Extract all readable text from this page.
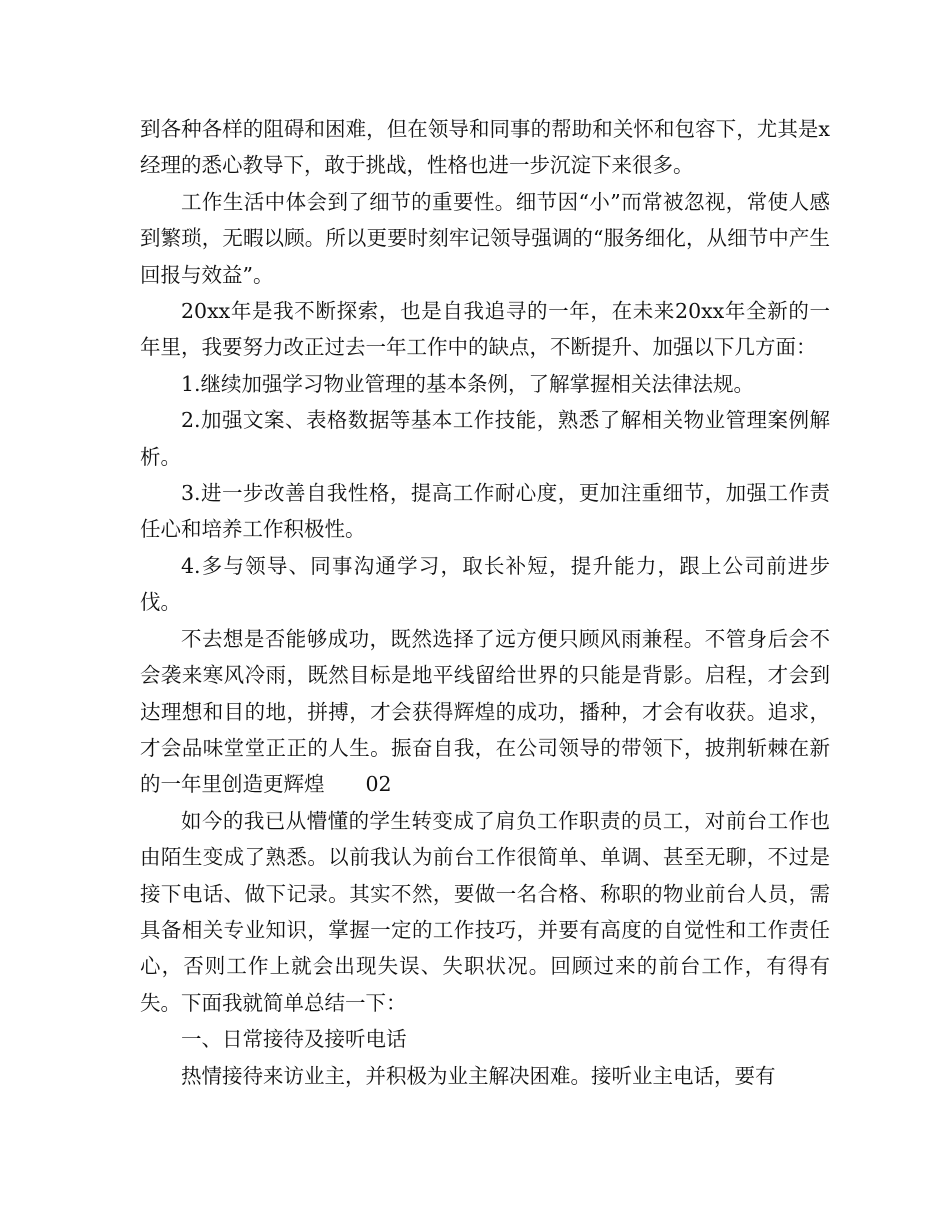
到各种各样的阻碍和困难，但在领导和同事的帮助和关怀和包容下，尤其是x经理的悉心教导下，敢于挑战，性格也进一步沉淀下来很多。

工作生活中体会到了细节的重要性。细节因“小”而常被忽视，常使人感到繁琐，无暇以顾。所以更要时刻牢记领导强调的“服务细化，从细节中产生回报与效益”。

20xx年是我不断探索，也是自我追寻的一年，在未来20xx年全新的一年里，我要努力改正过去一年工作中的缺点，不断提升、加强以下几方面：

1.继续加强学习物业管理的基本条例，了解掌握相关法律法规。

2.加强文案、表格数据等基本工作技能，熟悉了解相关物业管理案例解析。

3.进一步改善自我性格，提高工作耐心度，更加注重细节，加强工作责任心和培养工作积极性。

4.多与领导、同事沟通学习，取长补短，提升能力，跟上公司前进步伐。

不去想是否能够成功，既然选择了远方便只顾风雨兼程。不管身后会不会袭来寒风冷雨，既然目标是地平线留给世界的只能是背影。启程，才会到达理想和目的地，拼搏，才会获得辉煌的成功，播种，才会有收获。追求，才会品味堂堂正正的人生。振奋自我，在公司领导的带领下，披荆斩棘在新的一年里创造更辉煌　　02

如今的我已从懵懂的学生转变成了肩负工作职责的员工，对前台工作也由陌生变成了熟悉。以前我认为前台工作很简单、单调、甚至无聊，不过是接下电话、做下记录。其实不然，要做一名合格、称职的物业前台人员，需具备相关专业知识，掌握一定的工作技巧，并要有高度的自觉性和工作责任心，否则工作上就会出现失误、失职状况。回顾过来的前台工作，有得有失。下面我就简单总结一下：

一、日常接待及接听电话

热情接待来访业主，并积极为业主解决困难。接听业主电话，要有
